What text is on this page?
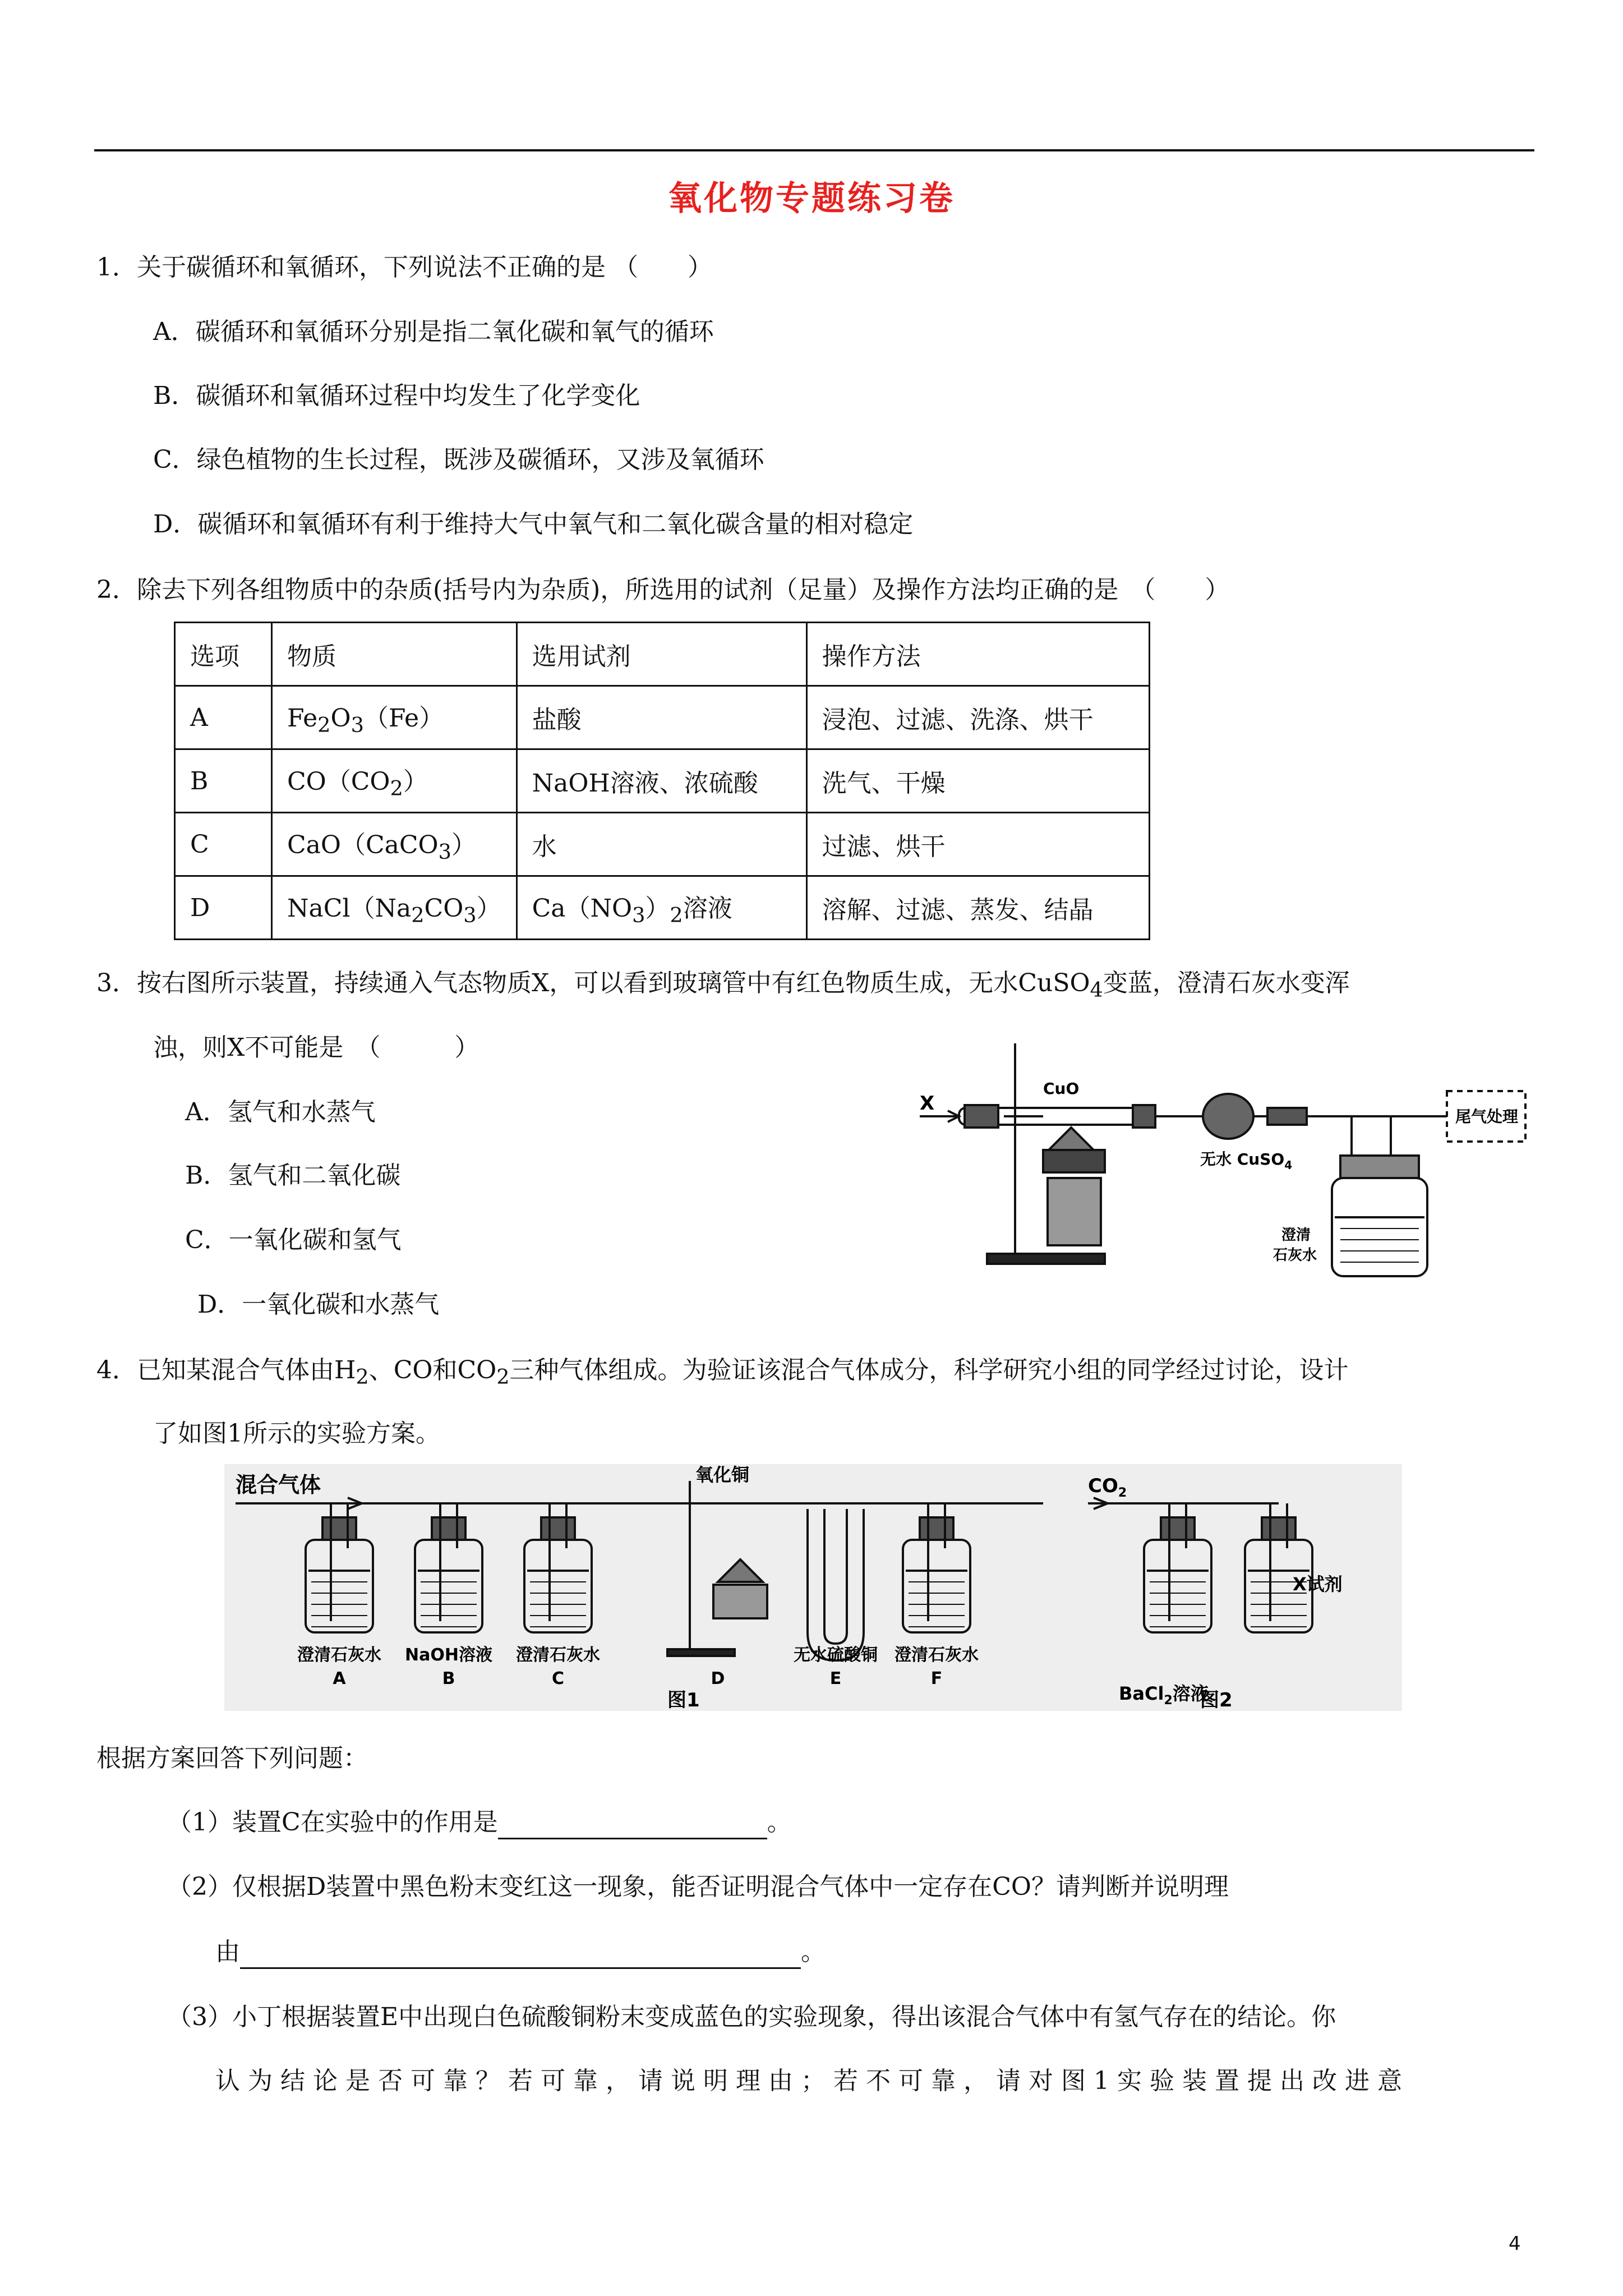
氧化物专题练习卷
1．关于碳循环和氧循环，下列说法不正确的是 （　　）
A．碳循环和氧循环分别是指二氧化碳和氧气的循环
B．碳循环和氧循环过程中均发生了化学变化
C．绿色植物的生长过程，既涉及碳循环，又涉及氧循环
D．碳循环和氧循环有利于维持大气中氧气和二氧化碳含量的相对稳定
2．除去下列各组物质中的杂质(括号内为杂质)，所选用的试剂（足量）及操作方法均正确的是　（　　）
选项	物质	选用试剂	操作方法
A	$Fe_2O_3(Fe)$	盐酸	浸泡、过滤、洗涤、烘干
B	$CO(CO_2)$	NaOH溶液、浓硫酸	洗气、干燥
C	CaO（CaCO$_3$）	水	过滤、烘干
D	$NaCl(Na_2CO_3)$	$Ca(NO_3)_2$溶液	溶解、过滤、蒸发、结晶
3．按右图所示装置，持续通入气态物质X，可以看到玻璃管中有红色物质生成，无水CuSO$_4$变蓝，澄清石灰水变浑
浊，则X不可能是　（　　　）
A．氢气和水蒸气
B．氢气和二氧化碳
C．一氧化碳和氢气
D．一氧化碳和水蒸气
X
CuO
无水 CuSO$_4$
尾气处理
澄清
石灰水
4．已知某混合气体由$H_2$、CO和$CO_2$三种气体组成。为验证该混合气体成分，科学研究小组的同学经过讨论，设计
了如图1所示的实验方案。
混合气体	氧化铜	$CO_2$
X试剂
BaCl$_2$溶液
图1	图2
澄清石灰水
A
NaOH溶液
B
澄清石灰水
C	D
无水硫酸铜
E
澄清石灰水
F
根据方案回答下列问题：
（1）装置C在实验中的作用是	。
（2）仅根据D装置中黑色粉末变红这一现象，能否证明混合气体中一定存在CO？请判断并说明理
由	。
（3）小丁根据装置E中出现白色硫酸铜粉末变成蓝色的实验现象，得出该混合气体中有氢气存在的结论。你
认为结论是否可靠？若可靠，请说明理由；若不可靠，请对图1实验装置提出改进意
4
